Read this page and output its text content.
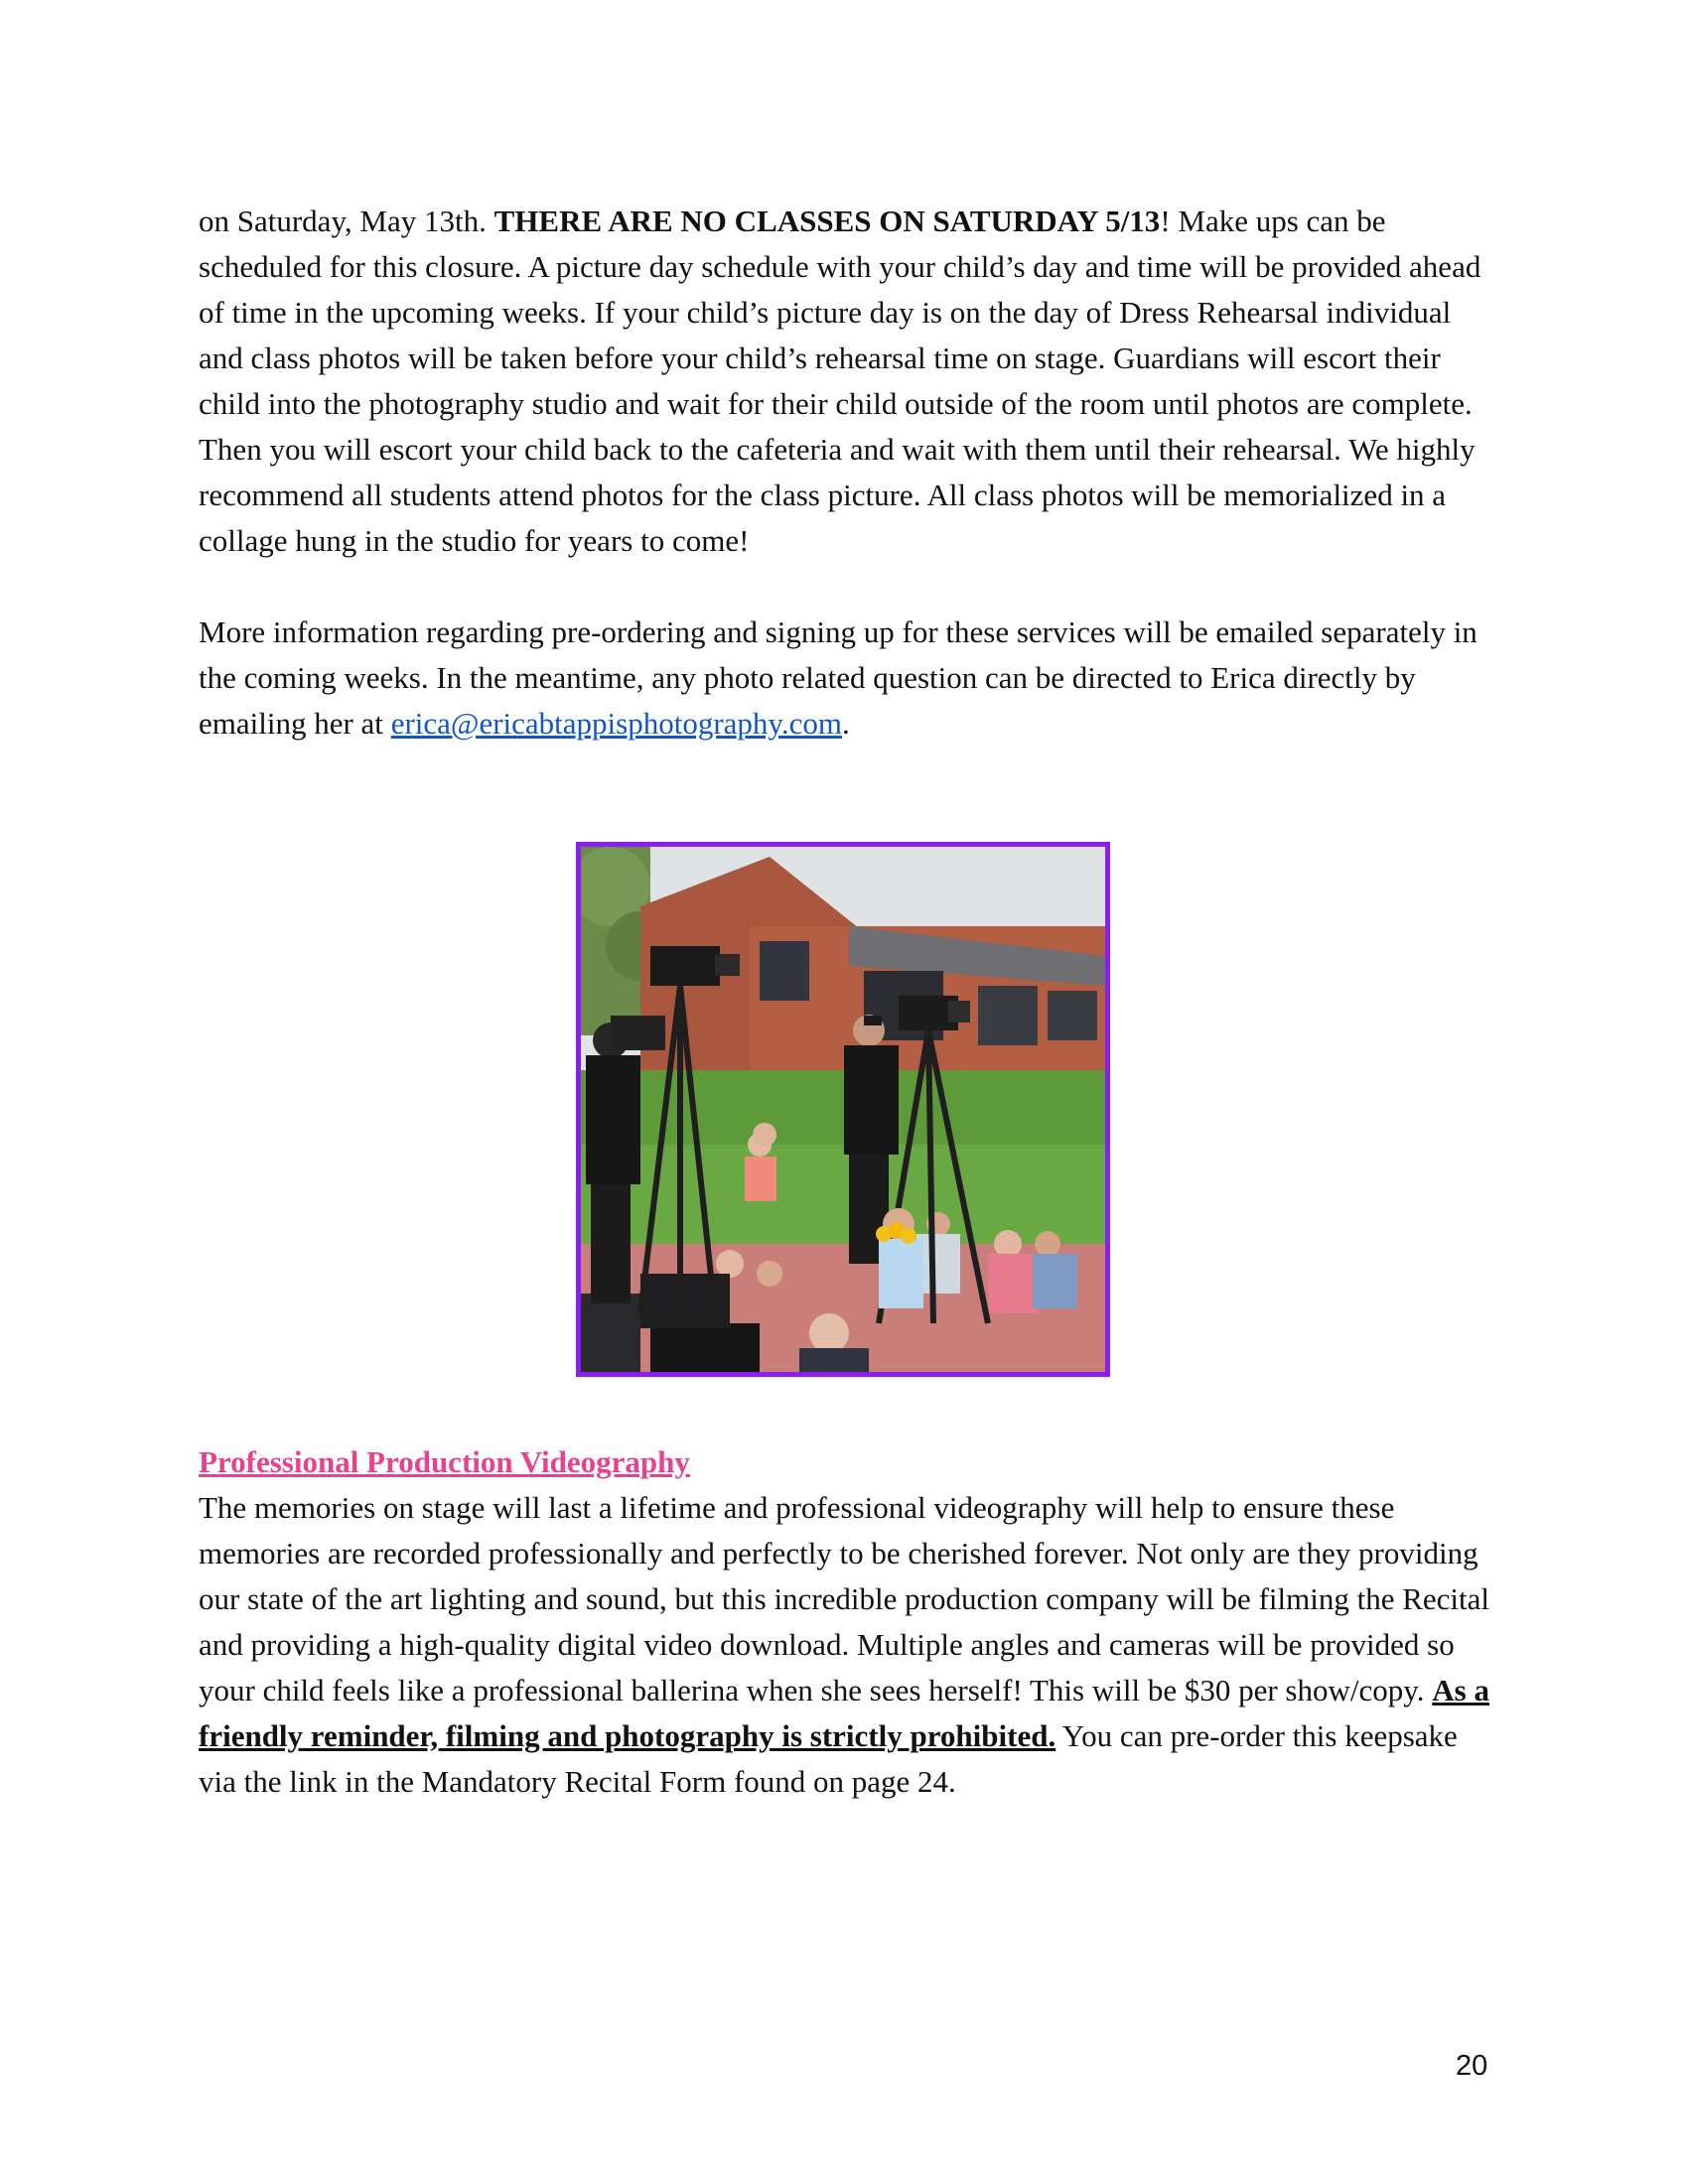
on Saturday, May 13th. THERE ARE NO CLASSES ON SATURDAY 5/13! Make ups can be scheduled for this closure. A picture day schedule with your child’s day and time will be provided ahead of time in the upcoming weeks. If your child’s picture day is on the day of Dress Rehearsal individual and class photos will be taken before your child’s rehearsal time on stage. Guardians will escort their child into the photography studio and wait for their child outside of the room until photos are complete. Then you will escort your child back to the cafeteria and wait with them until their rehearsal. We highly recommend all students attend photos for the class picture. All class photos will be memorialized in a collage hung in the studio for years to come!

More information regarding pre-ordering and signing up for these services will be emailed separately in the coming weeks. In the meantime, any photo related question can be directed to Erica directly by emailing her at erica@ericabtappisphotography.com.

Professional Production Videography

The memories on stage will last a lifetime and professional videography will help to ensure these memories are recorded professionally and perfectly to be cherished forever. Not only are they providing our state of the art lighting and sound, but this incredible production company will be filming the Recital and providing a high-quality digital video download. Multiple angles and cameras will be provided so your child feels like a professional ballerina when she sees herself! This will be $30 per show/copy. As a friendly reminder, filming and photography is strictly prohibited. You can pre-order this keepsake via the link in the Mandatory Recital Form found on page 24.

20
